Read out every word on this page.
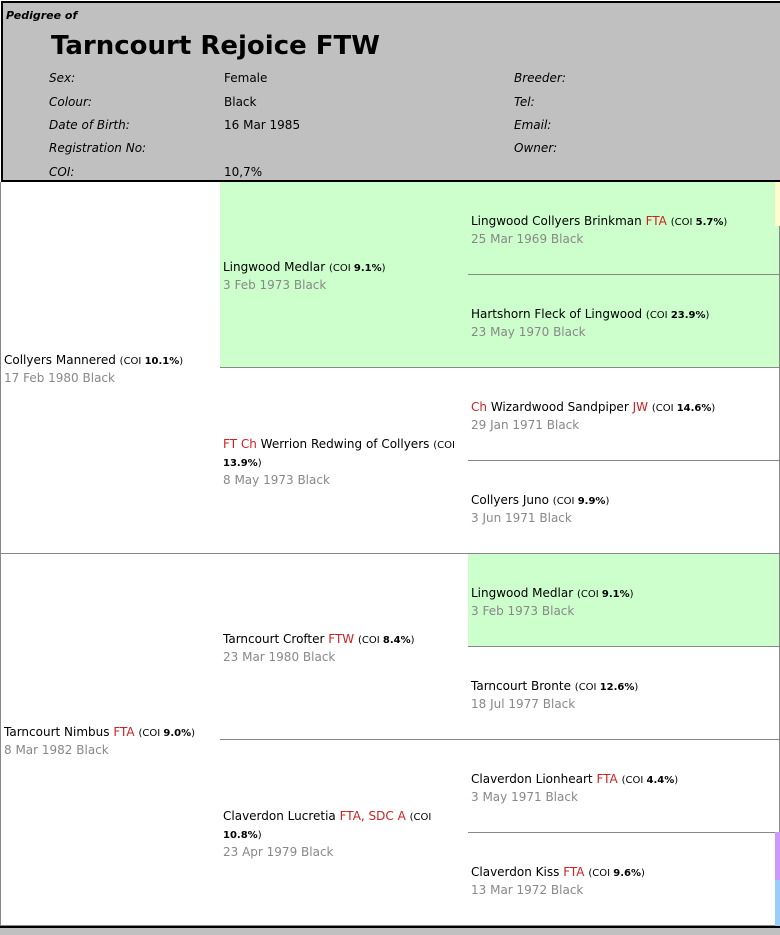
Pedigree of
Tarncourt Rejoice FTW
Sex:	Female
Colour:	Black
Date of Birth:	16 Mar 1985
Registration No:
COI:	10,7%
Breeder:
Tel:
Email:
Owner:
Collyers Mannered (COI 10.1%)
17 Feb 1980 Black
Tarncourt Nimbus FTA (COI 9.0%)
8 Mar 1982 Black
Lingwood Medlar (COI 9.1%)
3 Feb 1973 Black
FT Ch Werrion Redwing of Collyers (COI 13.9%)
8 May 1973 Black
Tarncourt Crofter FTW (COI 8.4%)
23 Mar 1980 Black
Claverdon Lucretia FTA, SDC A (COI 10.8%)
23 Apr 1979 Black
Lingwood Collyers Brinkman FTA (COI 5.7%)
25 Mar 1969 Black
Hartshorn Fleck of Lingwood (COI 23.9%)
23 May 1970 Black
Ch Wizardwood Sandpiper JW (COI 14.6%)
29 Jan 1971 Black
Collyers Juno (COI 9.9%)
3 Jun 1971 Black
Lingwood Medlar (COI 9.1%)
3 Feb 1973 Black
Tarncourt Bronte (COI 12.6%)
18 Jul 1977 Black
Claverdon Lionheart FTA (COI 4.4%)
3 May 1971 Black
Claverdon Kiss FTA (COI 9.6%)
13 Mar 1972 Black
